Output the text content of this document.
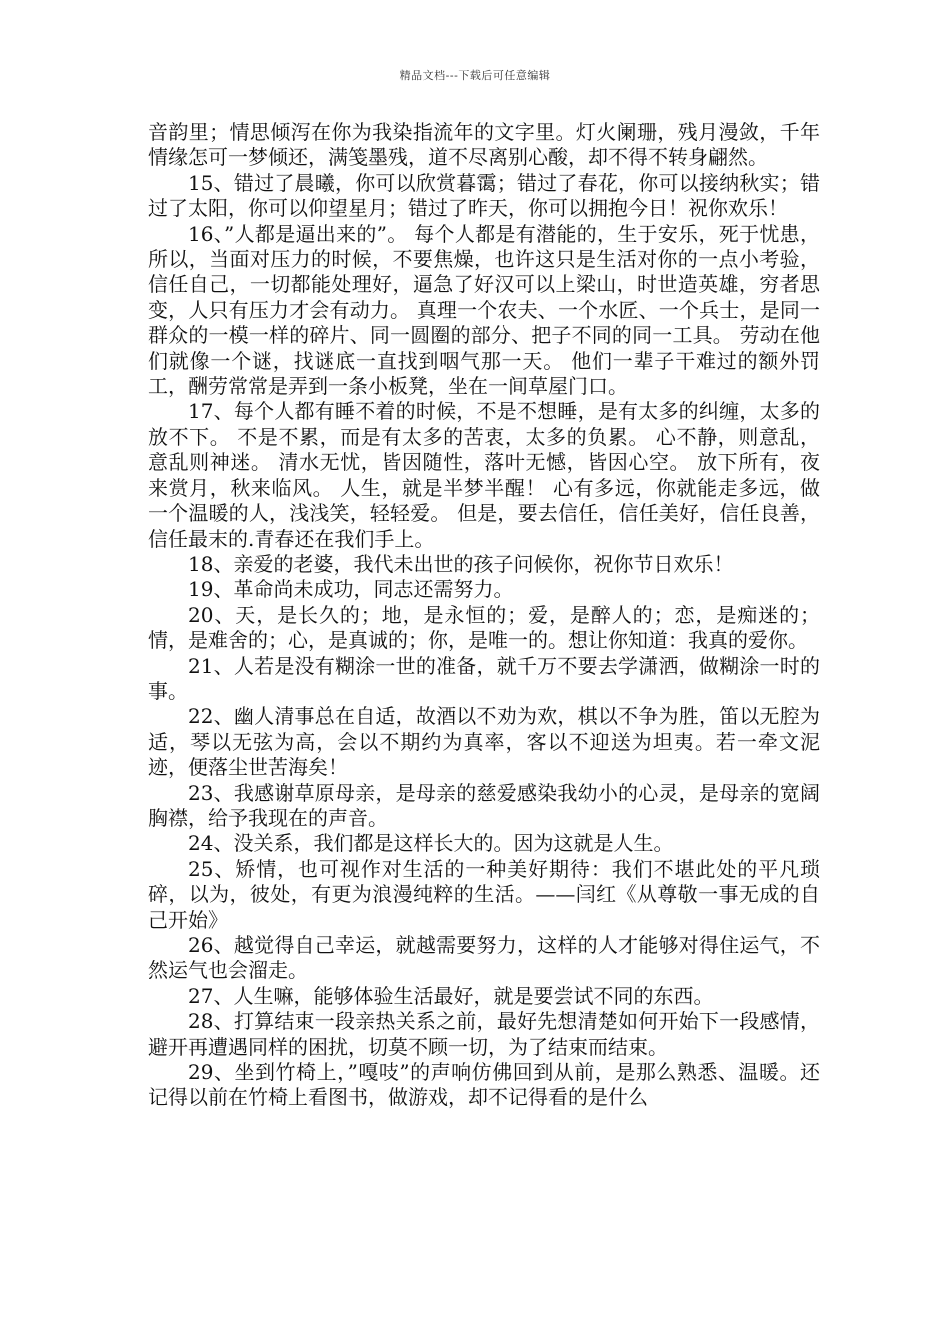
精品文档---下载后可任意编辑

音韵里；情思倾泻在你为我染指流年的文字里。灯火阑珊，残月漫敛，千年情缘怎可一梦倾还，满笺墨残，道不尽离别心酸，却不得不转身翩然。

15、错过了晨曦，你可以欣赏暮霭；错过了春花，你可以接纳秋实；错过了太阳，你可以仰望星月；错过了昨天，你可以拥抱今日！祝你欢乐！

16、”人都是逼出来的”。 每个人都是有潜能的，生于安乐，死于忧患，所以，当面对压力的时候，不要焦燥，也许这只是生活对你的一点小考验，信任自己，一切都能处理好，逼急了好汉可以上梁山，时世造英雄，穷者思变，人只有压力才会有动力。 真理一个农夫、一个水匠、一个兵士，是同一群众的一模一样的碎片、同一圆圈的部分、把子不同的同一工具。 劳动在他们就像一个谜，找谜底一直找到咽气那一天。 他们一辈子干难过的额外罚工，酬劳常常是弄到一条小板凳，坐在一间草屋门口。

17、每个人都有睡不着的时候，不是不想睡，是有太多的纠缠，太多的放不下。 不是不累，而是有太多的苦衷，太多的负累。 心不静，则意乱，意乱则神迷。 清水无忧，皆因随性，落叶无憾，皆因心空。 放下所有，夜来赏月，秋来临风。 人生，就是半梦半醒！ 心有多远，你就能走多远，做一个温暖的人，浅浅笑，轻轻爱。 但是，要去信任，信任美好，信任良善，信任最末的.青春还在我们手上。

18、亲爱的老婆，我代未出世的孩子问候你，祝你节日欢乐！

19、革命尚未成功，同志还需努力。

20、天，是长久的；地，是永恒的；爱，是醉人的；恋，是痴迷的；情，是难舍的；心，是真诚的；你，是唯一的。想让你知道：我真的爱你。

21、人若是没有糊涂一世的准备，就千万不要去学潇洒，做糊涂一时的事。

22、幽人清事总在自适，故酒以不劝为欢，棋以不争为胜，笛以无腔为适，琴以无弦为高，会以不期约为真率，客以不迎送为坦夷。若一牵文泥迹，便落尘世苦海矣！

23、我感谢草原母亲，是母亲的慈爱感染我幼小的心灵，是母亲的宽阔胸襟，给予我现在的声音。

24、没关系，我们都是这样长大的。因为这就是人生。

25、矫情，也可视作对生活的一种美好期待：我们不堪此处的平凡琐碎，以为，彼处，有更为浪漫纯粹的生活。——闫红《从尊敬一事无成的自己开始》

26、越觉得自己幸运，就越需要努力，这样的人才能够对得住运气，不然运气也会溜走。

27、人生嘛，能够体验生活最好，就是要尝试不同的东西。

28、打算结束一段亲热关系之前，最好先想清楚如何开始下一段感情，避开再遭遇同样的困扰，切莫不顾一切，为了结束而结束。

29、坐到竹椅上，”嘎吱”的声响仿佛回到从前，是那么熟悉、温暖。还记得以前在竹椅上看图书，做游戏，却不记得看的是什么
